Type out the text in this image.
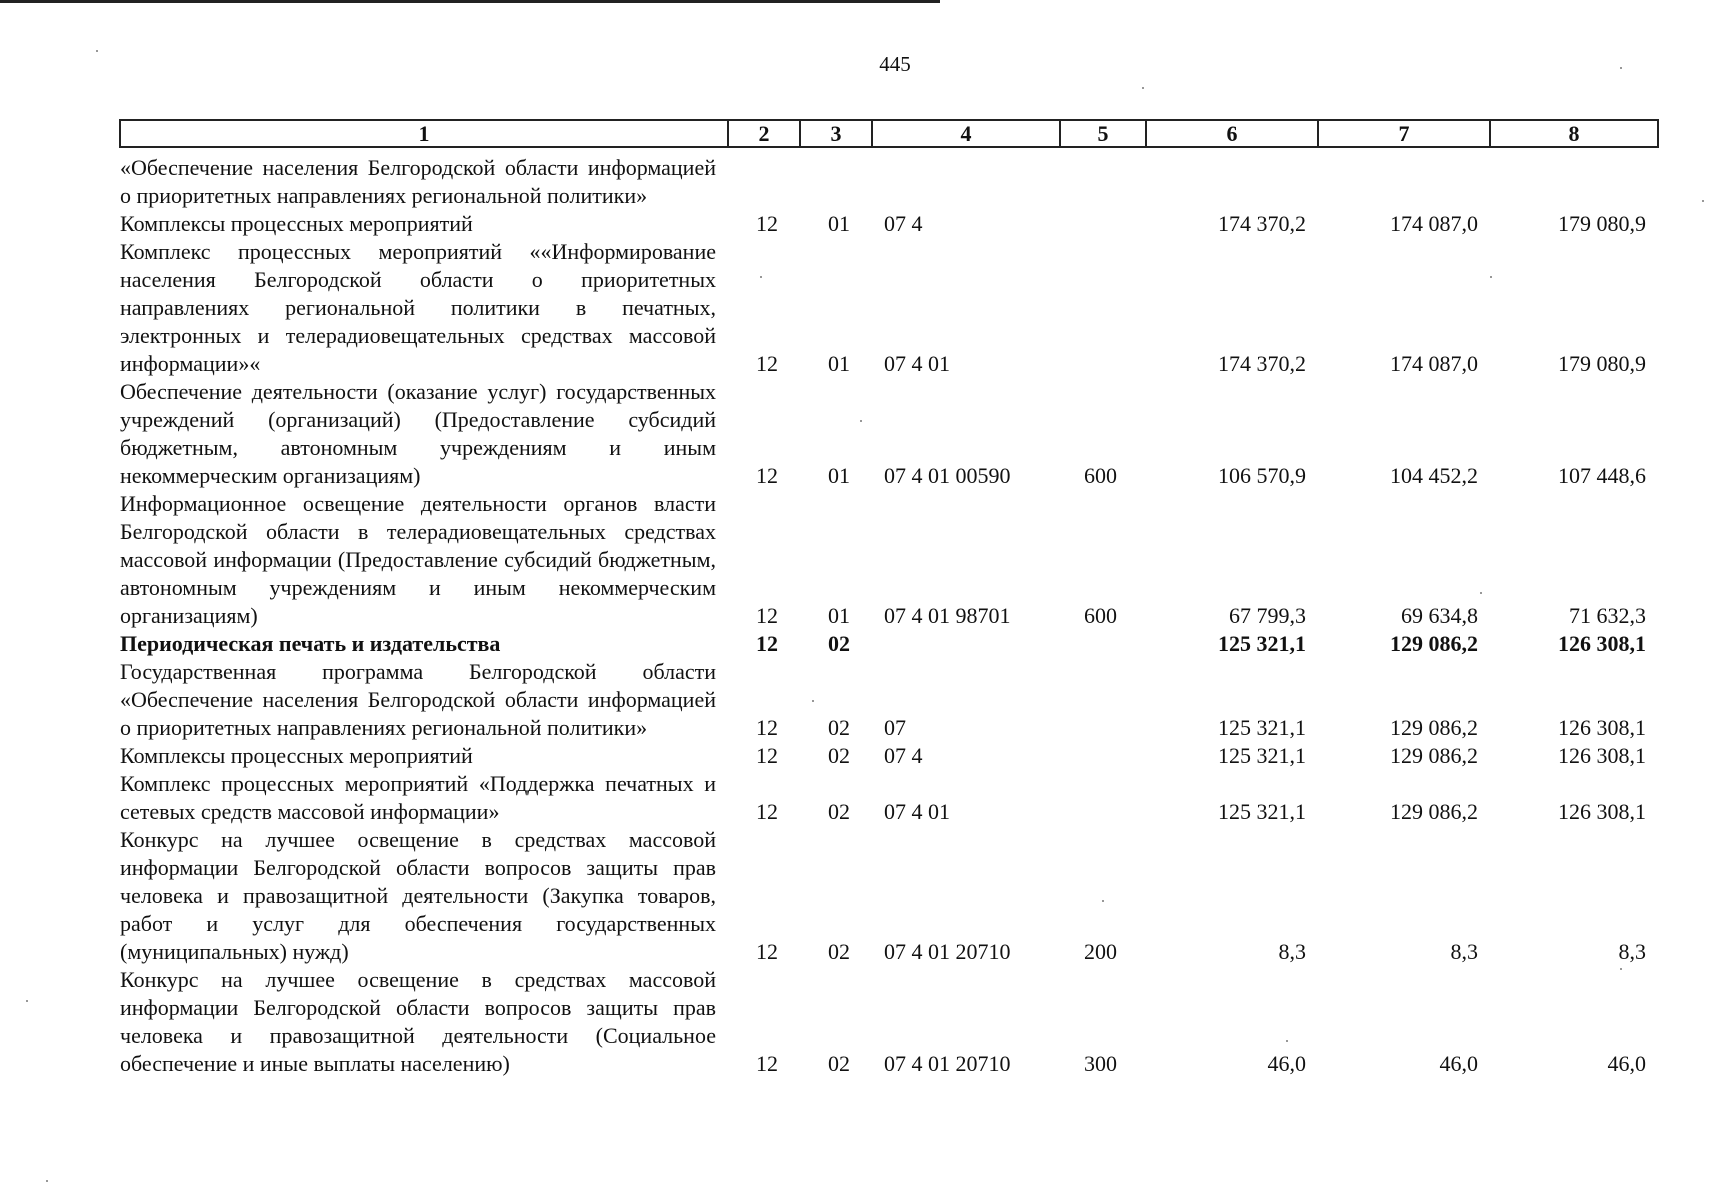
445
1	2	3	4	5	6	7	8
«Обеспечение населения Белгородской области информацией о приоритетных направлениях региональной политики»							
Комплексы процессных мероприятий	12	01	07 4		174 370,2	174 087,0	179 080,9
Комплекс процессных мероприятий ««Информирование населения Белгородской области о приоритетных направлениях региональной политики в печатных, электронных и телерадиовещательных средствах массовой информации»«	12	01	07 4 01		174 370,2	174 087,0	179 080,9
Обеспечение деятельности (оказание услуг) государственных учреждений (организаций) (Предоставление субсидий бюджетным, автономным учреждениям и иным некоммерческим организациям)	12	01	07 4 01 00590	600	106 570,9	104 452,2	107 448,6
Информационное освещение деятельности органов власти Белгородской области в телерадиовещательных средствах массовой информации (Предоставление субсидий бюджетным, автономным учреждениям и иным некоммерческим организациям)	12	01	07 4 01 98701	600	67 799,3	69 634,8	71 632,3
Периодическая печать и издательства	12	02			125 321,1	129 086,2	126 308,1
Государственная программа Белгородской области «Обеспечение населения Белгородской области информацией о приоритетных направлениях региональной политики»	12	02	07		125 321,1	129 086,2	126 308,1
Комплексы процессных мероприятий	12	02	07 4		125 321,1	129 086,2	126 308,1
Комплекс процессных мероприятий «Поддержка печатных и сетевых средств массовой информации»	12	02	07 4 01		125 321,1	129 086,2	126 308,1
Конкурс на лучшее освещение в средствах массовой информации Белгородской области вопросов защиты прав человека и правозащитной деятельности (Закупка товаров, работ и услуг для обеспечения государственных (муниципальных) нужд)	12	02	07 4 01 20710	200	8,3	8,3	8,3
Конкурс на лучшее освещение в средствах массовой информации Белгородской области вопросов защиты прав человека и правозащитной деятельности (Социальное обеспечение и иные выплаты населению)	12	02	07 4 01 20710	300	46,0	46,0	46,0
